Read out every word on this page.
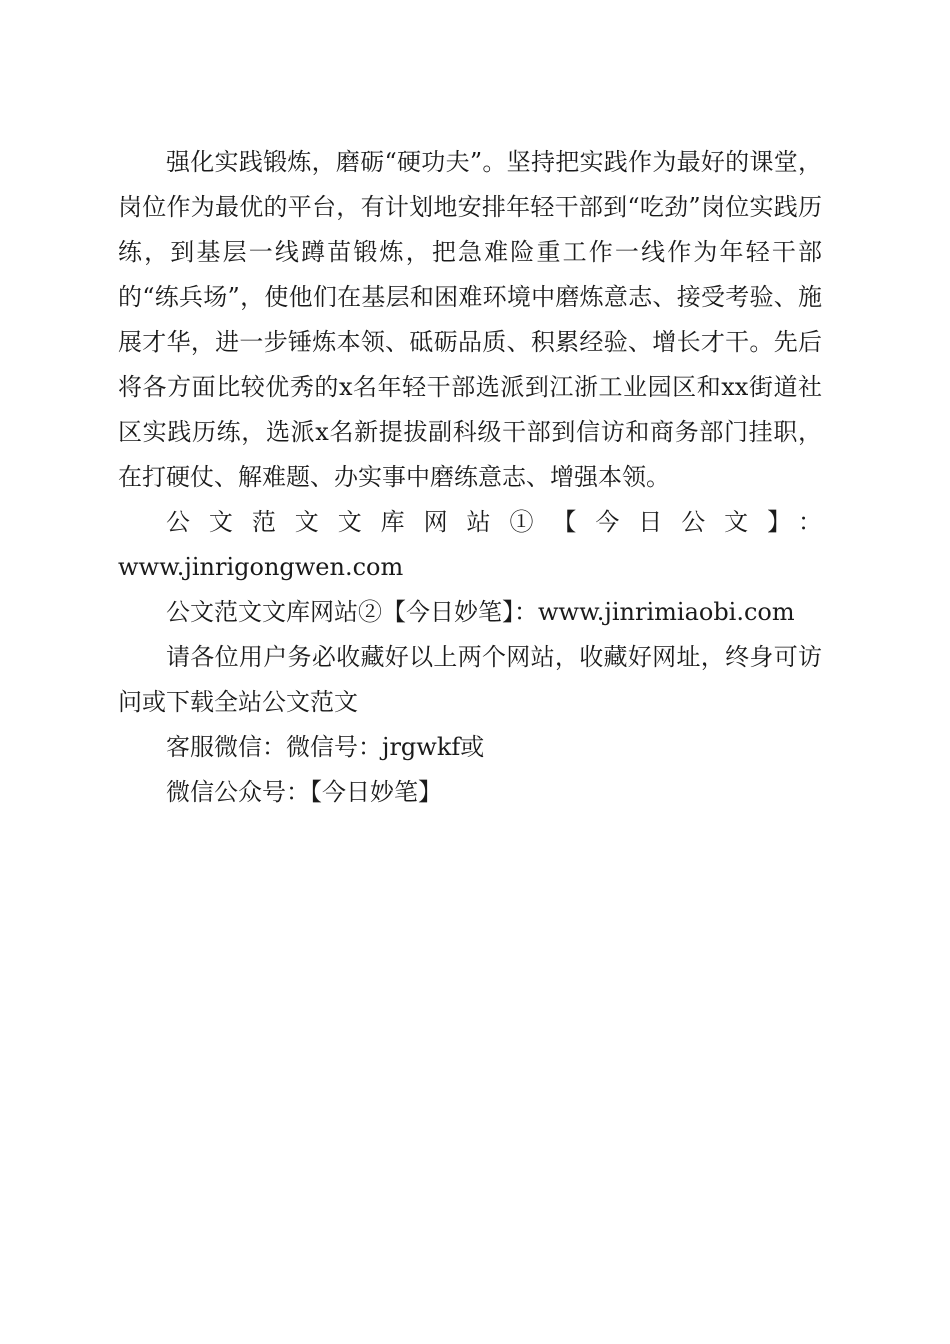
强化实践锻炼，磨砺“硬功夫”。坚持把实践作为最好的课堂，岗位作为最优的平台，有计划地安排年轻干部到“吃劲”岗位实践历练，到基层一线蹲苗锻炼，把急难险重工作一线作为年轻干部的“练兵场”，使他们在基层和困难环境中磨炼意志、接受考验、施展才华，进一步锤炼本领、砥砺品质、积累经验、增长才干。先后将各方面比较优秀的x名年轻干部选派到江浙工业园区和xx街道社区实践历练，选派x名新提拔副科级干部到信访和商务部门挂职，在打硬仗、解难题、办实事中磨练意志、增强本领。

公文范文文库网站①【今日公文】：

www.jinrigongwen.com

公文范文文库网站②【今日妙笔】：www.jinrimiaobi.com

请各位用户务必收藏好以上两个网站，收藏好网址，终身可访问或下载全站公文范文

客服微信：微信号：jrgwkf或

微信公众号：【今日妙笔】
